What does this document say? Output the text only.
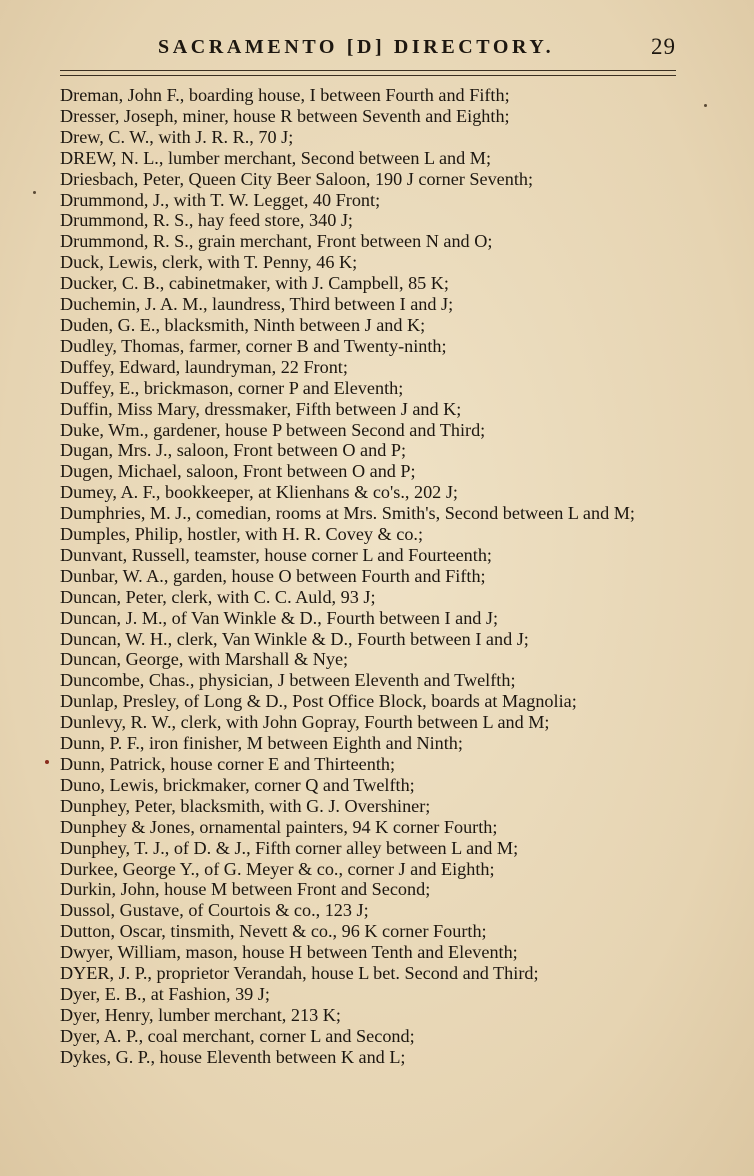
SACRAMENTO [D] DIRECTORY.	29
Dreman, John F., boarding house, I between Fourth and Fifth;
Dresser, Joseph, miner, house R between Seventh and Eighth;
Drew, C. W., with J. R. R., 70 J;
DREW, N. L., lumber merchant, Second between L and M;
Driesbach, Peter, Queen City Beer Saloon, 190 J corner Seventh;
Drummond, J., with T. W. Legget, 40 Front;
Drummond, R. S., hay feed store, 340 J;
Drummond, R. S., grain merchant, Front between N and O;
Duck, Lewis, clerk, with T. Penny, 46 K;
Ducker, C. B., cabinetmaker, with J. Campbell, 85 K;
Duchemin, J. A. M., laundress, Third between I and J;
Duden, G. E., blacksmith, Ninth between J and K;
Dudley, Thomas, farmer, corner B and Twenty-ninth;
Duffey, Edward, laundryman, 22 Front;
Duffey, E., brickmason, corner P and Eleventh;
Duffin, Miss Mary, dressmaker, Fifth between J and K;
Duke, Wm., gardener, house P between Second and Third;
Dugan, Mrs. J., saloon, Front between O and P;
Dugen, Michael, saloon, Front between O and P;
Dumey, A. F., bookkeeper, at Klienhans & co's., 202 J;
Dumphries, M. J., comedian, rooms at Mrs. Smith's, Second between L and M;
Dumples, Philip, hostler, with H. R. Covey & co.;
Dunvant, Russell, teamster, house corner L and Fourteenth;
Dunbar, W. A., garden, house O between Fourth and Fifth;
Duncan, Peter, clerk, with C. C. Auld, 93 J;
Duncan, J. M., of Van Winkle & D., Fourth between I and J;
Duncan, W. H., clerk, Van Winkle & D., Fourth between I and J;
Duncan, George, with Marshall & Nye;
Duncombe, Chas., physician, J between Eleventh and Twelfth;
Dunlap, Presley, of Long & D., Post Office Block, boards at Magnolia;
Dunlevy, R. W., clerk, with John Gopray, Fourth between L and M;
Dunn, P. F., iron finisher, M between Eighth and Ninth;
Dunn, Patrick, house corner E and Thirteenth;
Duno, Lewis, brickmaker, corner Q and Twelfth;
Dunphey, Peter, blacksmith, with G. J. Overshiner;
Dunphey & Jones, ornamental painters, 94 K corner Fourth;
Dunphey, T. J., of D. & J., Fifth corner alley between L and M;
Durkee, George Y., of G. Meyer & co., corner J and Eighth;
Durkin, John, house M between Front and Second;
Dussol, Gustave, of Courtois & co., 123 J;
Dutton, Oscar, tinsmith, Nevett & co., 96 K corner Fourth;
Dwyer, William, mason, house H between Tenth and Eleventh;
DYER, J. P., proprietor Verandah, house L bet. Second and Third;
Dyer, E. B., at Fashion, 39 J;
Dyer, Henry, lumber merchant, 213 K;
Dyer, A. P., coal merchant, corner L and Second;
Dykes, G. P., house Eleventh between K and L;
